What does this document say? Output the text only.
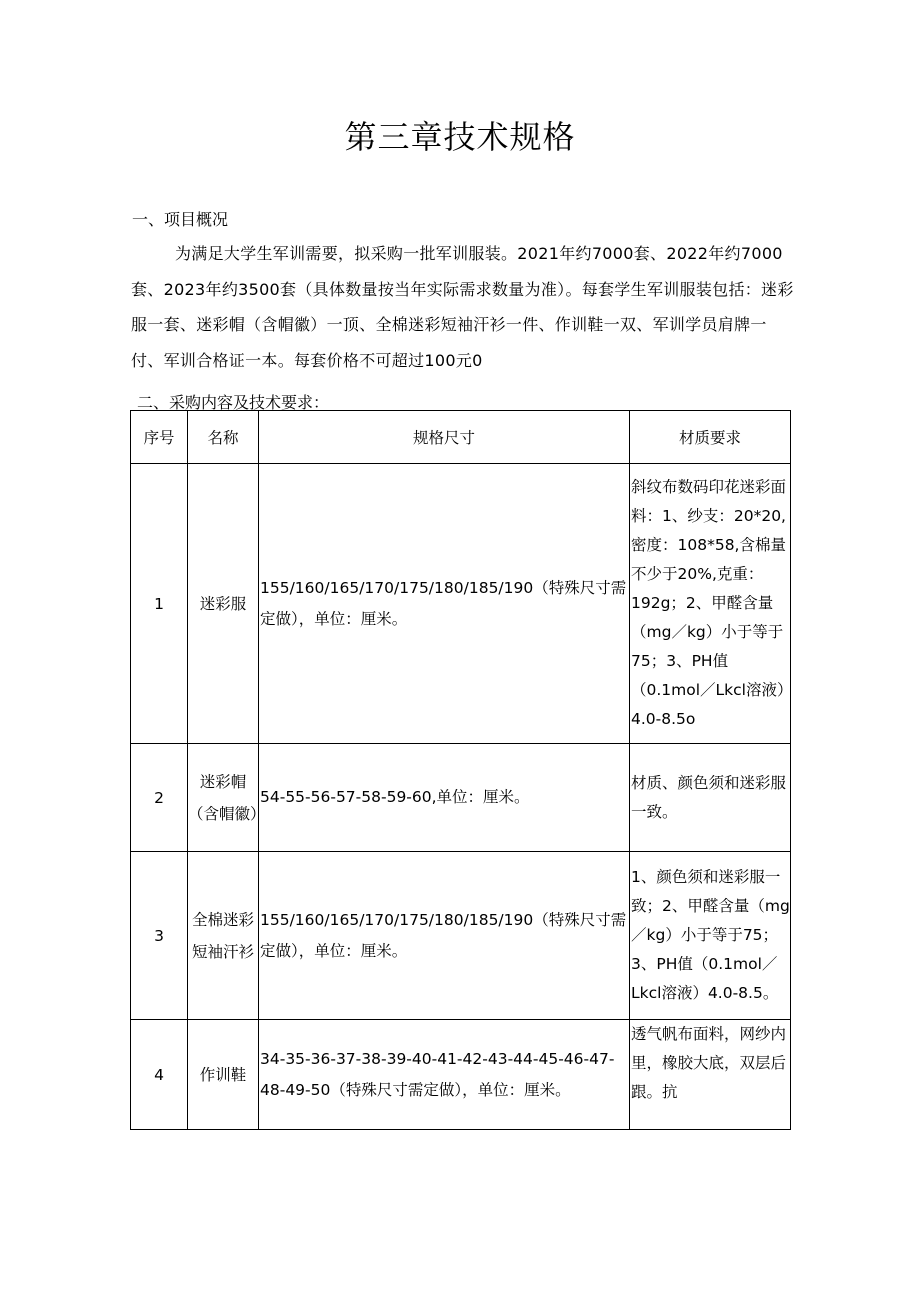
第三章技术规格
一、项目概况
为满足大学生军训需要，拟采购一批军训服装。2021年约7000套、2022年约7000套、2023年约3500套（具体数量按当年实际需求数量为准）。每套学生军训服装包括：迷彩服一套、迷彩帽（含帽徽）一顶、全棉迷彩短袖汗衫一件、作训鞋一双、军训学员肩牌一付、军训合格证一本。每套价格不可超过100元0
二、采购内容及技术要求：
序号	名称	规格尺寸	材质要求
1	迷彩服	155/160/165/170/175/180/185/190（特殊尺寸需定做），单位：厘米。	斜纹布数码印花迷彩面料：1、纱支：20*20,密度：108*58,含棉量不少于20%,克重：192g；2、甲醛含量（mg／kg）小于等于75；3、PH值（0.1mol／Lkcl溶液）4.0-8.5o
2	迷彩帽（含帽徽）	54-55-56-57-58-59-60,单位：厘米。	材质、颜色须和迷彩服一致。
3	全棉迷彩短袖汗衫	155/160/165/170/175/180/185/190（特殊尺寸需定做），单位：厘米。	1、颜色须和迷彩服一致；2、甲醛含量（mg／kg）小于等于75；3、PH值（0.1mol／Lkcl溶液）4.0-8.5。
4	作训鞋	34-35-36-37-38-39-40-41-42-43-44-45-46-47-48-49-50（特殊尺寸需定做），单位：厘米。	透气帆布面料，网纱内里，橡胶大底，双层后跟。抗
